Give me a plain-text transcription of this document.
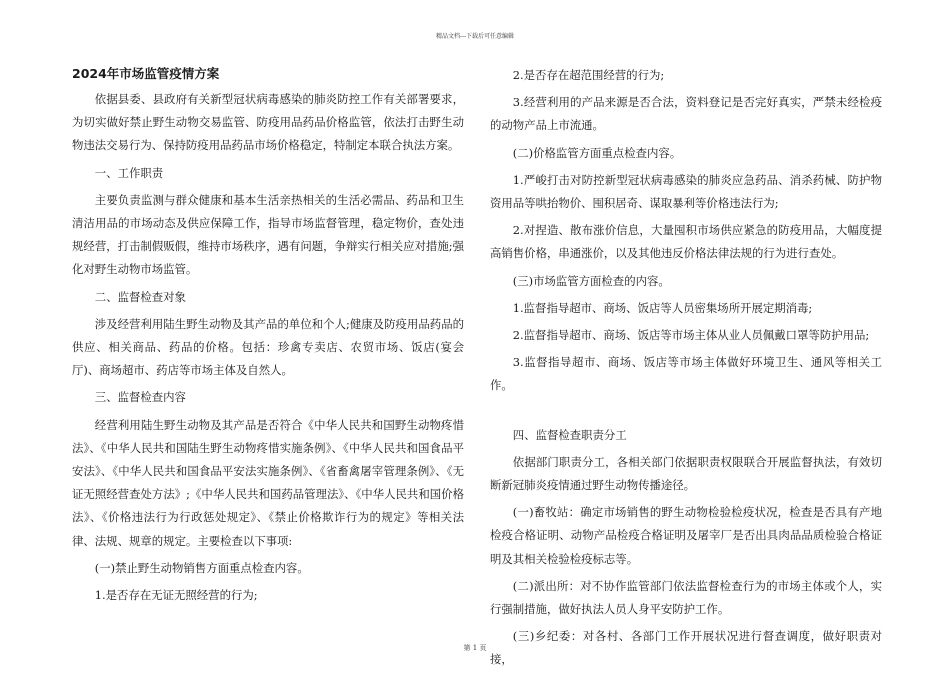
精品文档---下载后可任意编辑
2024年市场监管疫情方案

依据县委、县政府有关新型冠状病毒感染的肺炎防控工作有关部署要求，为切实做好禁止野生动物交易监管、防疫用品药品价格监管，依法打击野生动物违法交易行为、保持防疫用品药品市场价格稳定，特制定本联合执法方案。

一、工作职责

主要负责监测与群众健康和基本生活亲热相关的生活必需品、药品和卫生清洁用品的市场动态及供应保障工作，指导市场监督管理，稳定物价，查处违规经营，打击制假贩假，维持市场秩序，遇有问题，争辩实行相关应对措施;强化对野生动物市场监管。

二、监督检查对象

涉及经营利用陆生野生动物及其产品的单位和个人;健康及防疫用品药品的供应、相关商品、药品的价格。包括：珍禽专卖店、农贸市场、饭店(宴会厅)、商场超市、药店等市场主体及自然人。

三、监督检查内容

经营利用陆生野生动物及其产品是否符合《中华人民共和国野生动物疼惜法》、《中华人民共和国陆生野生动物疼惜实施条例》、《中华人民共和国食品平安法》、《中华人民共和国食品平安法实施条例》、《省畜禽屠宰管理条例》、《无证无照经营查处方法》;《中华人民共和国药品管理法》、《中华人民共和国价格法》、《价格违法行为行政惩处规定》、《禁止价格欺诈行为的规定》等相关法律、法规、规章的规定。主要检查以下事项:

(一)禁止野生动物销售方面重点检查内容。

1.是否存在无证无照经营的行为;

2.是否存在超范围经营的行为;

3.经营利用的产品来源是否合法，资料登记是否完好真实，严禁未经检疫的动物产品上市流通。

(二)价格监管方面重点检查内容。

1.严峻打击对防控新型冠状病毒感染的肺炎应急药品、消杀药械、防护物资用品等哄抬物价、囤积居奇、谋取暴利等价格违法行为;

2.对捏造、散布涨价信息，大量囤积市场供应紧急的防疫用品，大幅度提高销售价格，串通涨价，以及其他违反价格法律法规的行为进行查处。

(三)市场监管方面检查的内容。

1.监督指导超市、商场、饭店等人员密集场所开展定期消毒;

2.监督指导超市、商场、饭店等市场主体从业人员佩戴口罩等防护用品;

3.监督指导超市、商场、饭店等市场主体做好环境卫生、通风等相关工作。

四、监督检查职责分工

依据部门职责分工，各相关部门依据职责权限联合开展监督执法，有效切断新冠肺炎疫情通过野生动物传播途径。

(一)畜牧站：确定市场销售的野生动物检验检疫状况，检查是否具有产地检疫合格证明、动物产品检疫合格证明及屠宰厂是否出具肉品品质检验合格证明及其相关检验检疫标志等。

(二)派出所：对不协作监管部门依法监督检查行为的市场主体或个人，实行强制措施，做好执法人员人身平安防护工作。

(三)乡纪委：对各村、各部门工作开展状况进行督查调度，做好职责对接，

第 1 页
